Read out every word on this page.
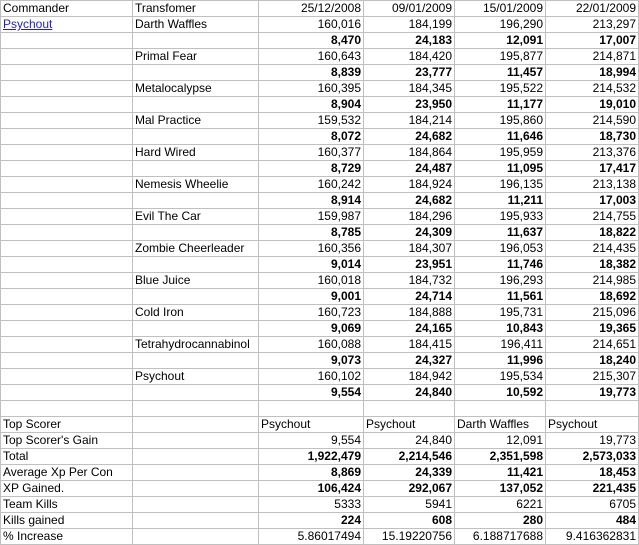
Commander	Transfomer	25/12/2008	09/01/2009	15/01/2009	22/01/2009
Psychout	Darth Waffles	160,016	184,199	196,290	213,297
		8,470	24,183	12,091	17,007
	Primal Fear	160,643	184,420	195,877	214,871
		8,839	23,777	11,457	18,994
	Metalocalypse	160,395	184,345	195,522	214,532
		8,904	23,950	11,177	19,010
	Mal Practice	159,532	184,214	195,860	214,590
		8,072	24,682	11,646	18,730
	Hard Wired	160,377	184,864	195,959	213,376
		8,729	24,487	11,095	17,417
	Nemesis Wheelie	160,242	184,924	196,135	213,138
		8,914	24,682	11,211	17,003
	Evil The Car	159,987	184,296	195,933	214,755
		8,785	24,309	11,637	18,822
	Zombie Cheerleader	160,356	184,307	196,053	214,435
		9,014	23,951	11,746	18,382
	Blue Juice	160,018	184,732	196,293	214,985
		9,001	24,714	11,561	18,692
	Cold Iron	160,723	184,888	195,731	215,096
		9,069	24,165	10,843	19,365
	Tetrahydrocannabinol	160,088	184,415	196,411	214,651
		9,073	24,327	11,996	18,240
	Psychout	160,102	184,942	195,534	215,307
		9,554	24,840	10,592	19,773

Top Scorer		Psychout	Psychout	Darth Waffles	Psychout
Top Scorer's Gain		9,554	24,840	12,091	19,773
Total		1,922,479	2,214,546	2,351,598	2,573,033
Average Xp Per Con		8,869	24,339	11,421	18,453
XP Gained.		106,424	292,067	137,052	221,435
Team Kills		5333	5941	6221	6705
Kills gained		224	608	280	484
% Increase		5.86017494	15.19220756	6.188717688	9.416362831
